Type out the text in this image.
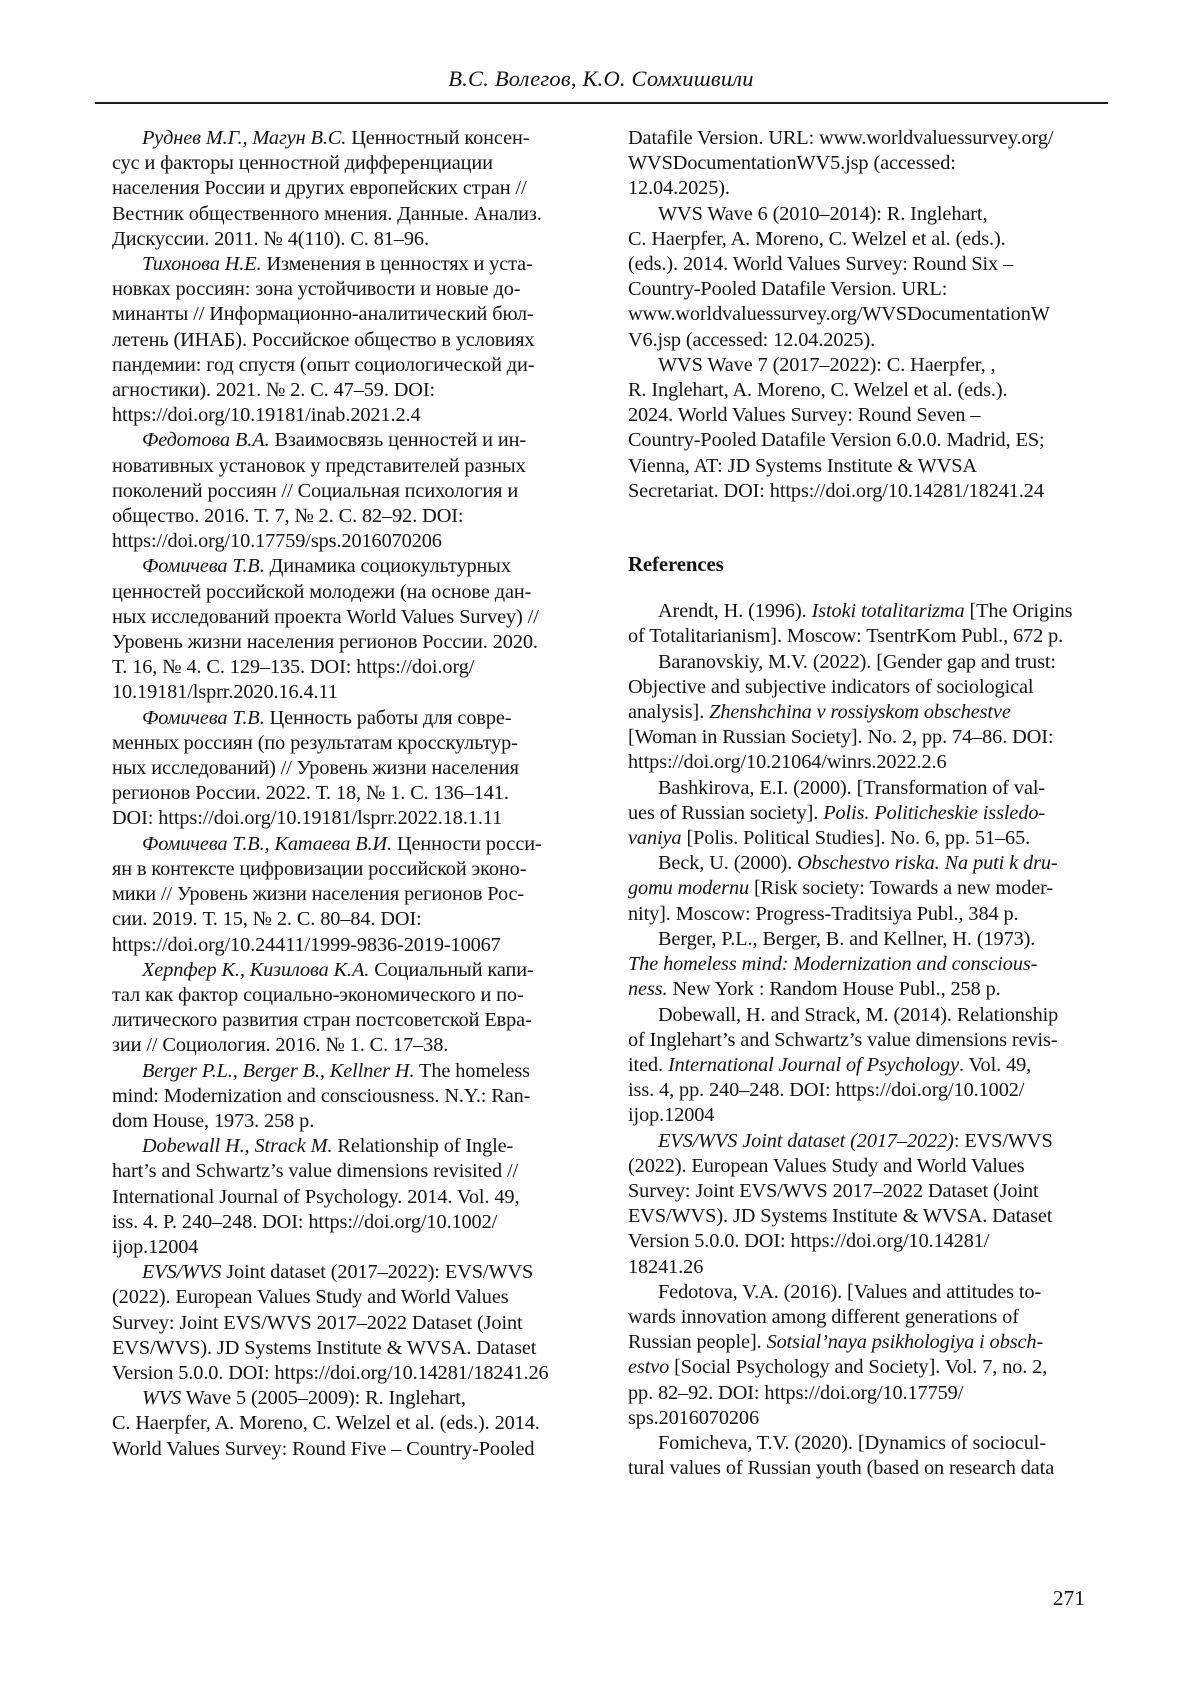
В.С. Волегов, К.О. Сомхишвили
Руднев М.Г., Магун В.С. Ценностный консен-
сус и факторы ценностной дифференциации
населения России и других европейских стран //
Вестник общественного мнения. Данные. Анализ.
Дискуссии. 2011. № 4(110). С. 81–96.
Тихонова Н.Е. Изменения в ценностях и уста-
новках россиян: зона устойчивости и новые до-
минанты // Информационно-аналитический бюл-
летень (ИНАБ). Российское общество в условиях
пандемии: год спустя (опыт социологической ди-
агностики). 2021. № 2. С. 47–59. DOI:
https://doi.org/10.19181/inab.2021.2.4
Федотова В.А. Взаимосвязь ценностей и ин-
новативных установок у представителей разных
поколений россиян // Социальная психология и
общество. 2016. Т. 7, № 2. С. 82–92. DOI:
https://doi.org/10.17759/sps.2016070206
Фомичева Т.В. Динамика социокультурных
ценностей российской молодежи (на основе дан-
ных исследований проекта World Values Survey) //
Уровень жизни населения регионов России. 2020.
Т. 16, № 4. С. 129–135. DOI: https://doi.org/
10.19181/lsprr.2020.16.4.11
Фомичева Т.В. Ценность работы для совре-
менных россиян (по результатам кросскультур-
ных исследований) // Уровень жизни населения
регионов России. 2022. Т. 18, № 1. С. 136–141.
DOI: https://doi.org/10.19181/lsprr.2022.18.1.11
Фомичева Т.В., Катаева В.И. Ценности росси-
ян в контексте цифровизации российской эконо-
мики // Уровень жизни населения регионов Рос-
сии. 2019. Т. 15, № 2. С. 80–84. DOI:
https://doi.org/10.24411/1999-9836-2019-10067
Херпфер К., Кизилова К.А. Социальный капи-
тал как фактор социально-экономического и по-
литического развития стран постсоветской Евра-
зии // Социология. 2016. № 1. С. 17–38.
Berger P.L., Berger B., Kellner H. The homeless
mind: Modernization and consciousness. N.Y.: Ran-
dom House, 1973. 258 p.
Dobewall H., Strack M. Relationship of Ingle-
hart’s and Schwartz’s value dimensions revisited //
International Journal of Psychology. 2014. Vol. 49,
iss. 4. P. 240–248. DOI: https://doi.org/10.1002/
ijop.12004
EVS/WVS Joint dataset (2017–2022): EVS/WVS
(2022). European Values Study and World Values
Survey: Joint EVS/WVS 2017–2022 Dataset (Joint
EVS/WVS). JD Systems Institute & WVSA. Dataset
Version 5.0.0. DOI: https://doi.org/10.14281/18241.26
WVS Wave 5 (2005–2009): R. Inglehart,
C. Haerpfer, A. Moreno, C. Welzel et al. (eds.). 2014.
World Values Survey: Round Five – Country-Pooled
Datafile Version. URL: www.worldvaluessurvey.org/
WVSDocumentationWV5.jsp (accessed:
12.04.2025).
WVS Wave 6 (2010–2014): R. Inglehart,
C. Haerpfer, A. Moreno, C. Welzel et al. (eds.).
(eds.). 2014. World Values Survey: Round Six –
Country-Pooled Datafile Version. URL:
www.worldvaluessurvey.org/WVSDocumentationW
V6.jsp (accessed: 12.04.2025).
WVS Wave 7 (2017–2022): C. Haerpfer, ,
R. Inglehart, A. Moreno, C. Welzel et al. (eds.).
2024. World Values Survey: Round Seven –
Country-Pooled Datafile Version 6.0.0. Madrid, ES;
Vienna, AT: JD Systems Institute & WVSA
Secretariat. DOI: https://doi.org/10.14281/18241.24
References
Arendt, H. (1996). Istoki totalitarizma [The Origins
of Totalitarianism]. Moscow: TsentrKom Publ., 672 p.
Baranovskiy, M.V. (2022). [Gender gap and trust:
Objective and subjective indicators of sociological
analysis]. Zhenshchina v rossiyskom obschestve
[Woman in Russian Society]. No. 2, pp. 74–86. DOI:
https://doi.org/10.21064/winrs.2022.2.6
Bashkirova, E.I. (2000). [Transformation of val-
ues of Russian society]. Polis. Politicheskie issledo-
vaniya [Polis. Political Studies]. No. 6, pp. 51–65.
Beck, U. (2000). Obschestvo riska. Na puti k dru-
gomu modernu [Risk society: Towards a new moder-
nity]. Moscow: Progress-Traditsiya Publ., 384 p.
Berger, P.L., Berger, B. and Kellner, H. (1973).
The homeless mind: Modernization and conscious-
ness. New York : Random House Publ., 258 p.
Dobewall, H. and Strack, M. (2014). Relationship
of Inglehart’s and Schwartz’s value dimensions revis-
ited. International Journal of Psychology. Vol. 49,
iss. 4, pp. 240–248. DOI: https://doi.org/10.1002/
ijop.12004
EVS/WVS Joint dataset (2017–2022): EVS/WVS
(2022). European Values Study and World Values
Survey: Joint EVS/WVS 2017–2022 Dataset (Joint
EVS/WVS). JD Systems Institute & WVSA. Dataset
Version 5.0.0. DOI: https://doi.org/10.14281/
18241.26
Fedotova, V.A. (2016). [Values and attitudes to-
wards innovation among different generations of
Russian people]. Sotsial’naya psikhologiya i obsch-
estvo [Social Psychology and Society]. Vol. 7, no. 2,
pp. 82–92. DOI: https://doi.org/10.17759/
sps.2016070206
Fomicheva, T.V. (2020). [Dynamics of sociocul-
tural values of Russian youth (based on research data
271
